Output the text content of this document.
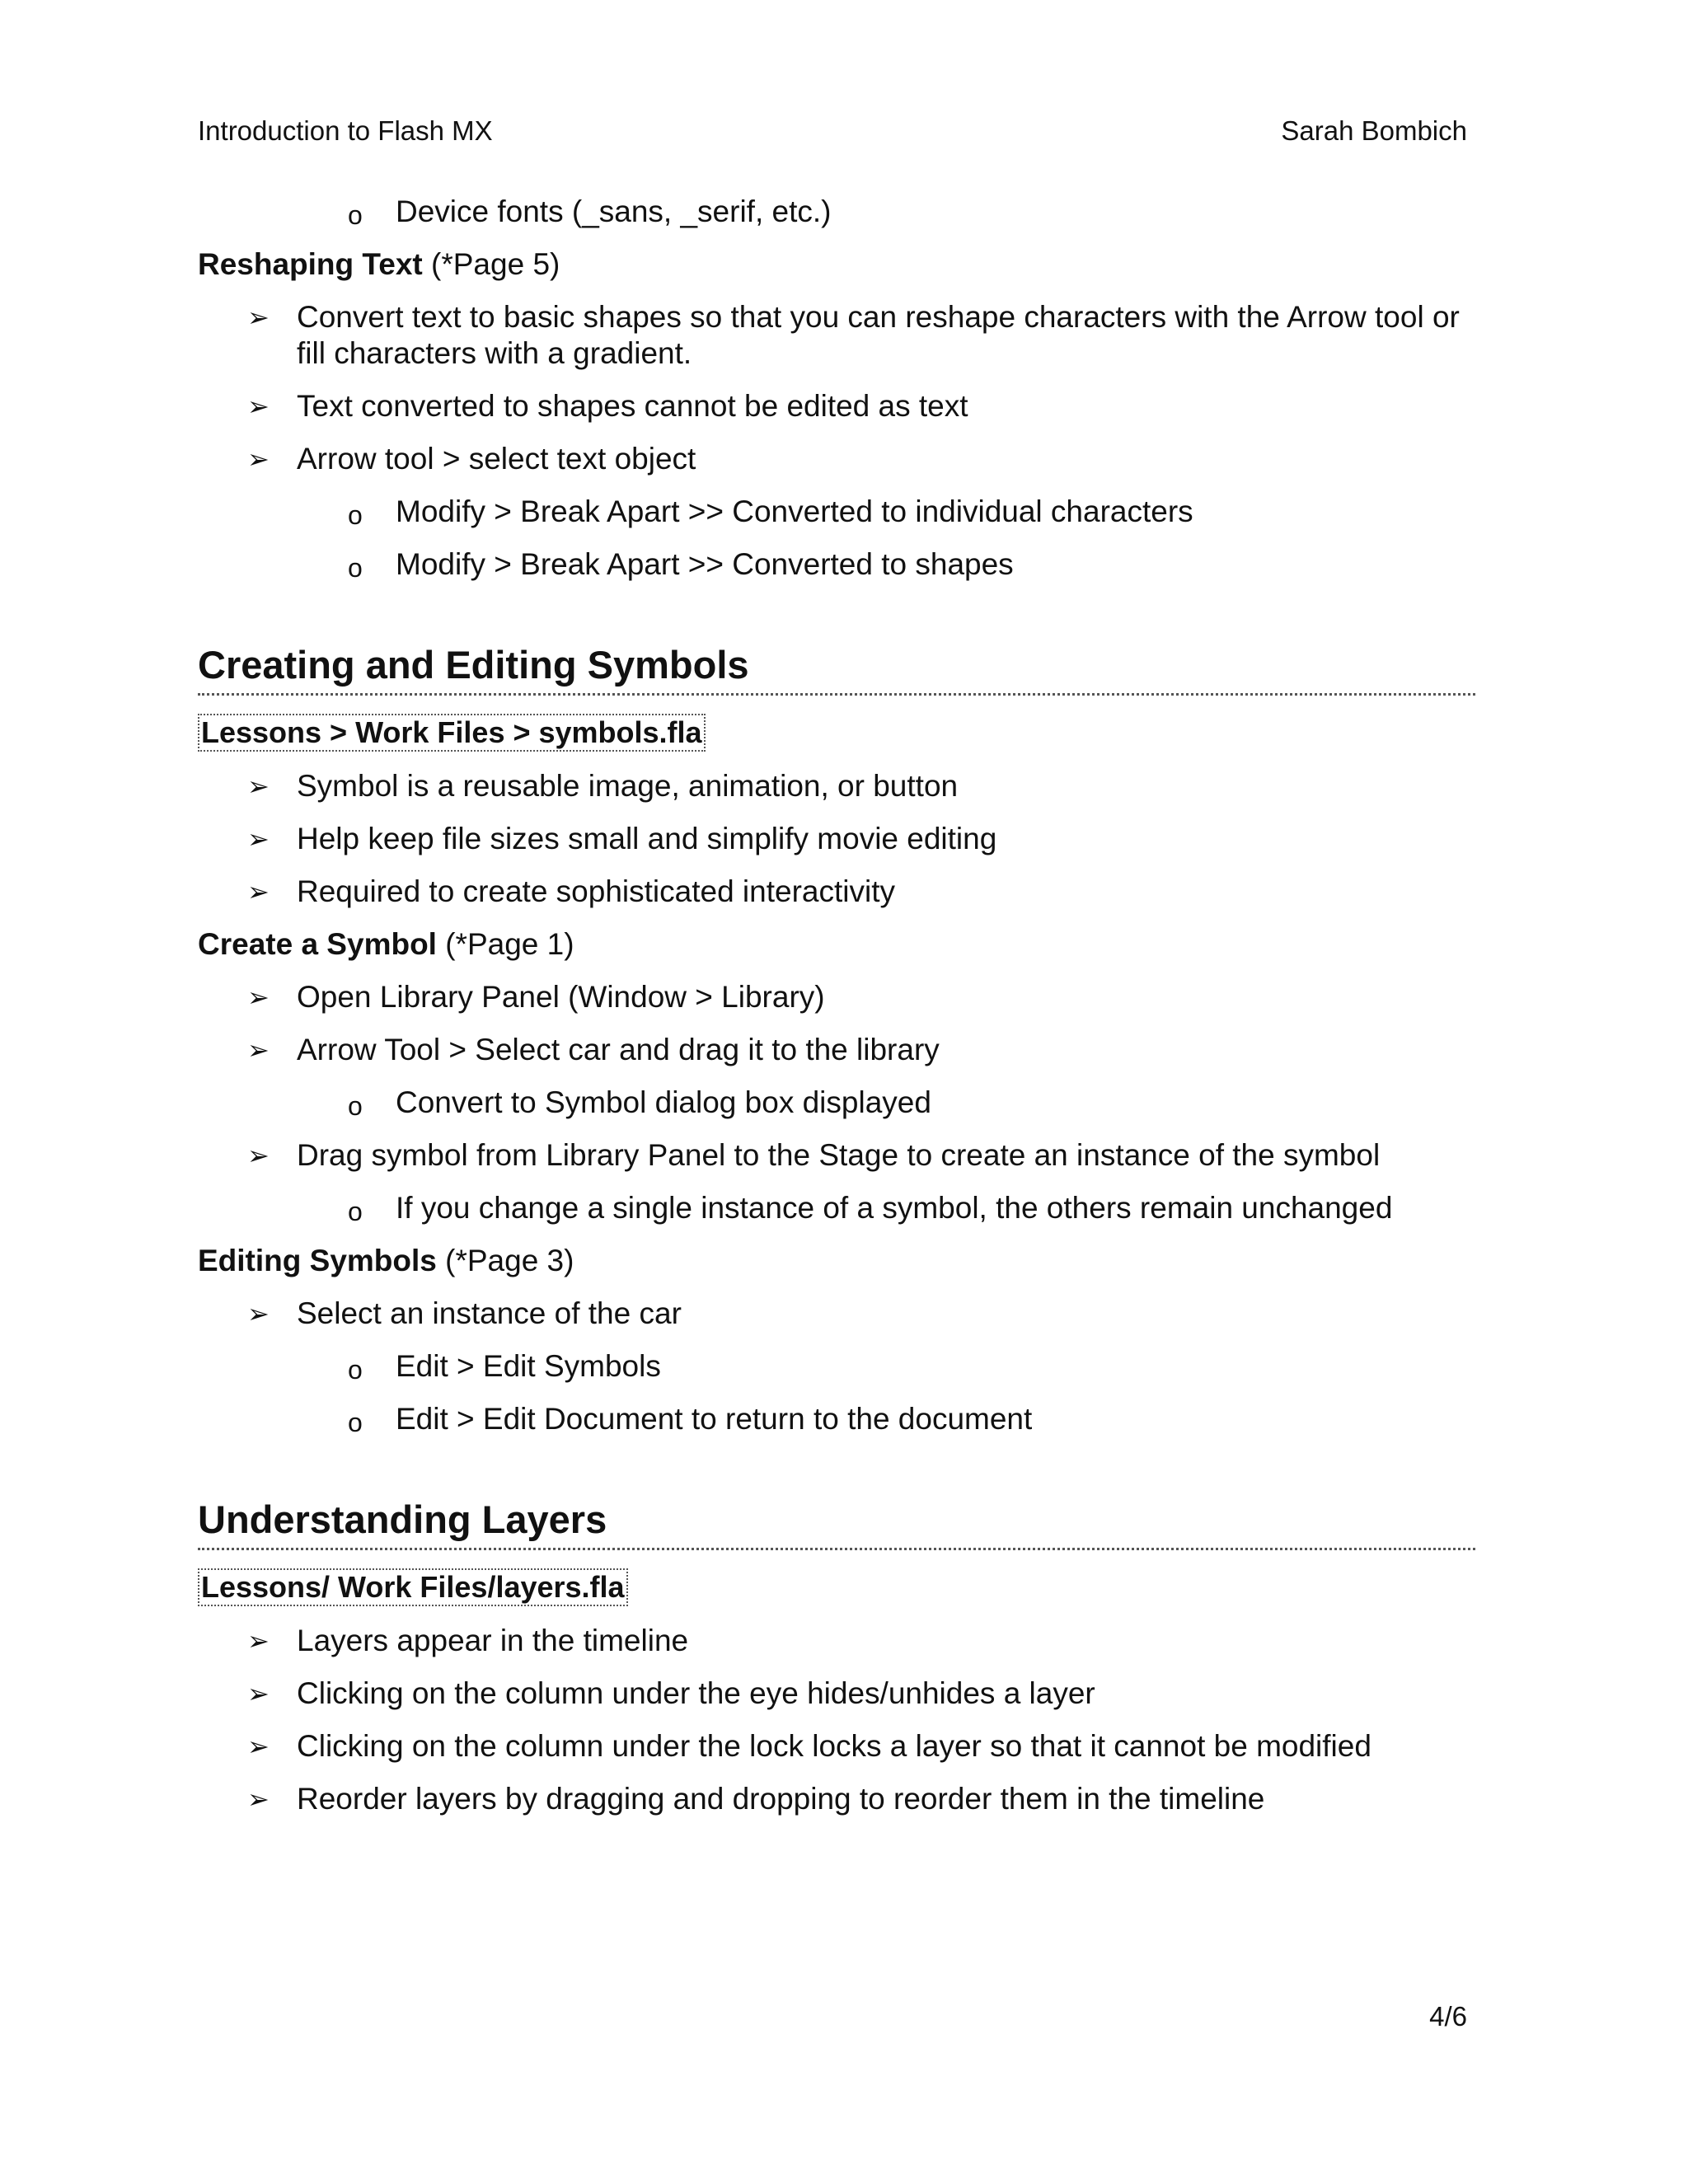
Introduction to Flash MX	Sarah Bombich
o Device fonts (_sans, _serif, etc.)
Reshaping Text (*Page 5)
➢ Convert text to basic shapes so that you can reshape characters with the Arrow tool or fill characters with a gradient.
➢ Text converted to shapes cannot be edited as text
➢ Arrow tool > select text object
o Modify > Break Apart >> Converted to individual characters
o Modify > Break Apart >> Converted to shapes
Creating and Editing Symbols
Lessons > Work Files > symbols.fla
➢ Symbol is a reusable image, animation, or button
➢ Help keep file sizes small and simplify movie editing
➢ Required to create sophisticated interactivity
Create a Symbol (*Page 1)
➢ Open Library Panel (Window > Library)
➢ Arrow Tool > Select car and drag it to the library
o Convert to Symbol dialog box displayed
➢ Drag symbol from Library Panel to the Stage to create an instance of the symbol
o If you change a single instance of a symbol, the others remain unchanged
Editing Symbols (*Page 3)
➢ Select an instance of the car
o Edit > Edit Symbols
o Edit > Edit Document to return to the document
Understanding Layers
Lessons/ Work Files/layers.fla
➢ Layers appear in the timeline
➢ Clicking on the column under the eye hides/unhides a layer
➢ Clicking on the column under the lock locks a layer so that it cannot be modified
➢ Reorder layers by dragging and dropping to reorder them in the timeline
4/6
